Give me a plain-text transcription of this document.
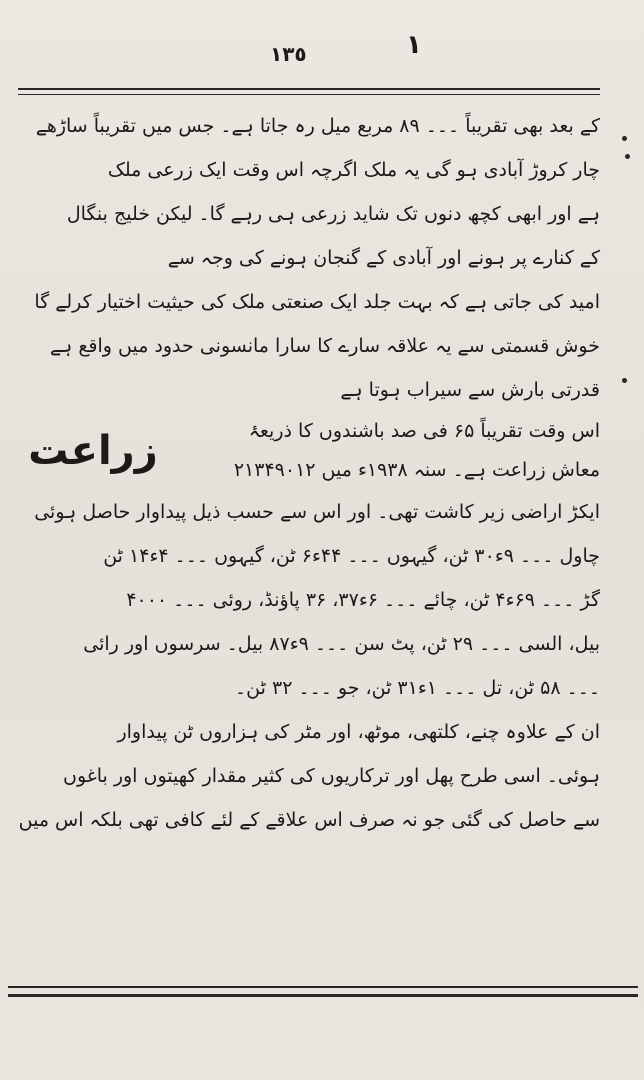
١
١٣٥
کے بعد بھی تقریباً ۔۔۔ ۸۹ مربع میل رہ جاتا ہے۔ جس میں تقریباً ساڑھے
چار کروڑ آبادی ہو گی یہ ملک اگرچہ اس وقت ایک زرعی ملک
ہے اور ابھی کچھ دنوں تک شاید زرعی ہی رہے گا۔ لیکن خلیج بنگال
کے کنارے پر ہونے اور آبادی کے گنجان ہونے کی وجہ سے
امید کی جاتی ہے کہ بہت جلد ایک صنعتی ملک کی حیثیت اختیار کرلے گا
خوش قسمتی سے یہ علاقہ سارے کا سارا مانسونی حدود میں واقع ہے
قدرتی بارش سے سیراب ہوتا ہے
زراعت	اس وقت تقریباً ۶۵ فی صد باشندوں کا ذریعۂ
معاش زراعت ہے۔ سنہ ۱۹۳۸ء میں ۲۱۳۴۹۰۱۲
ایکڑ اراضی زیر کاشت تھی۔ اور اس سے حسب ذیل پیداوار حاصل ہوئی
چاول ۔۔۔ ۹ء۳۰ ٹن، گیہوں ۔۔۔ ۴۴ء۶ ٹن، گیہوں ۔۔۔ ۴ء۱۴ ٹن
گڑ ۔۔۔ ۶۹ء۴ ٹن، چائے ۔۔۔ ۶ء۳۷، ۳۶ پاؤنڈ، روئی ۔۔۔ ۴۰۰۰
بیل، السی ۔۔۔ ۲۹ ٹن، پٹ سن ۔۔۔ ۹ء۸۷ بیل۔ سرسوں اور رائی
۔۔۔ ۵۸ ٹن، تل ۔۔۔ ۱ء۳۱ ٹن، جو ۔۔۔ ۳۲ ٹن۔
ان کے علاوہ چنے، کلتھی، موٹھ، اور مٹر کی ہزاروں ٹن پیداوار
ہوئی۔ اسی طرح پھل اور ترکاریوں کی کثیر مقدار کھیتوں اور باغوں
سے حاصل کی گئی جو نہ صرف اس علاقے کے لئے کافی تھی بلکہ اس میں
